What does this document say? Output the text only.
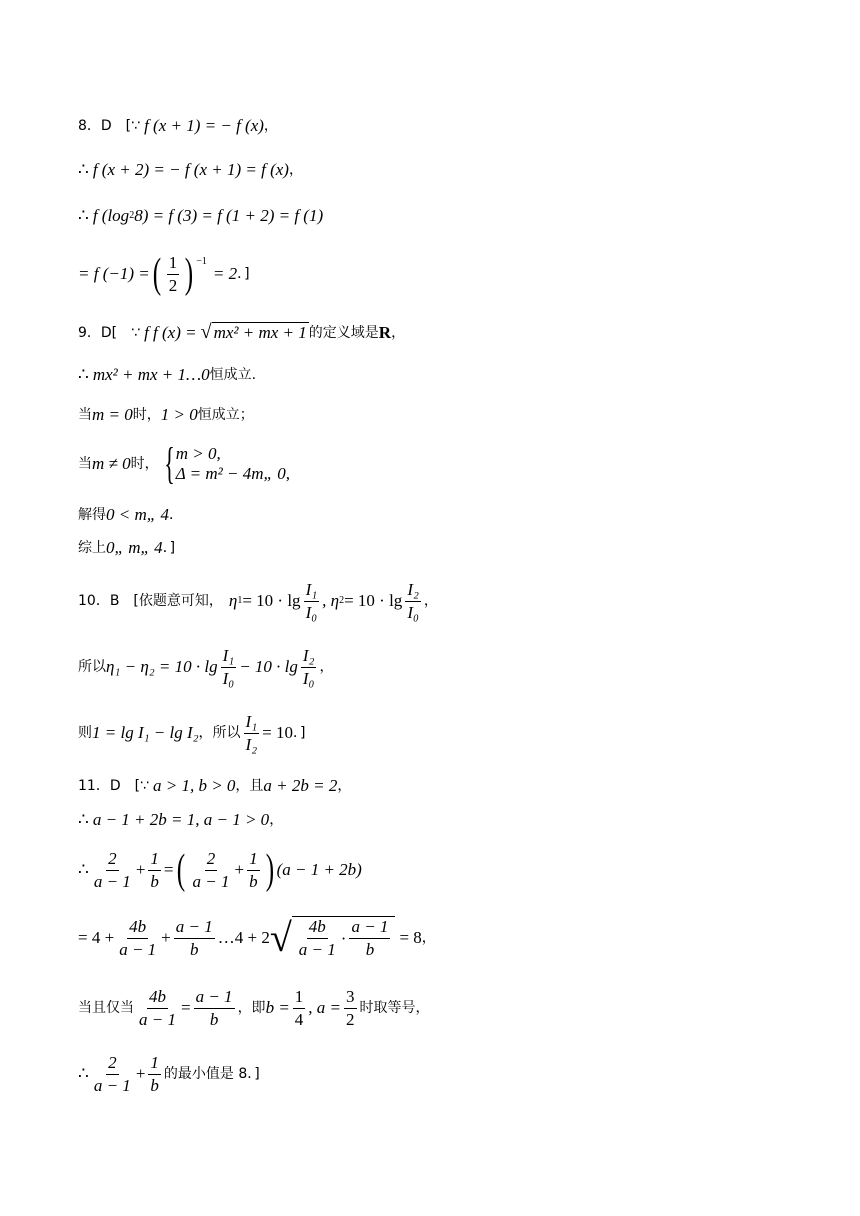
8．D　[∵ f (x + 1) = − f (x) ，
∴ f (x + 2) = − f (x + 1) = f (x) ，
∴ f (log 2 8) = f (3) = f (1 + 2) = f (1)
= f (−1) = ( $\frac{1}{2}$ ) $^{-1}$
= 2 ．]
9．D[　∵ f f (x) = √ mx² + mx + 1 的定义域是 R ，
∴ mx² + mx + 1…0 恒成立.
当 m = 0 时， 1 > 0 恒成立；
当 m ≠ 0 时， { m > 0,
Δ = m² − 4m„ 0,
解得 0 < m„ 4 ．
综上 0„ m„ 4 ．]
10．B　[依题意可知， η $1 = 10 \cdot \lg \frac{\text{I₁}}{\text{I₀}}$ , η $2 = 10 \cdot \lg \frac{\text{I₂}}{\text{I₀}}$ ，
所以 $\eta_1 - \eta_2 = 10 \cdot \lg \frac{\text{I₁}}{\text{I₀}} - 10 \cdot \lg \frac{\text{I₂}}{\text{I₀}}$ ，
则 1 = lg I₁ − lg I₂ ，所以 $\frac{\text{I₁}}{\text{I₂}} = 10$ ．]
11．D　[∵ a > 1, b > 0 ，且 a + 2b = 2 ，
∴ a − 1 + 2b = 1, a − 1 > 0 ，
∴ $\frac{2}{a - 1} + \frac{1}{b}$ = ( $\frac{2}{a - 1} + \frac{1}{b}$ ) (a − 1 + 2b)
= $4 + \frac{4b}{a - 1} + \frac{a - 1}{b}$ …4 + 2 √ $\frac{4b}{a - 1} \cdot \frac{a - 1}{b} = 8$ ，
当且仅当 $\frac{4b}{a - 1} = \frac{a - 1}{b}$ ，即 $b = \frac{1}{4}$ , $a = \frac{3}{2}$ 时取等号，
∴ $\frac{2}{a - 1} + \frac{1}{b}$ 的最小值是 8．]
